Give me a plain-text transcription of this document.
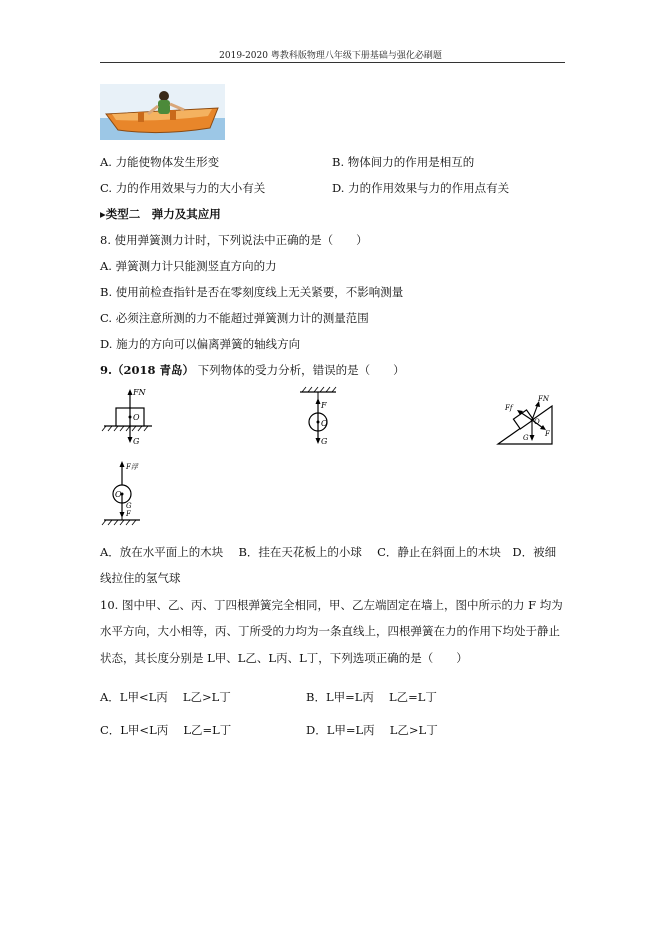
2019-2020 粤教科版物理八年级下册基础与强化必刷题
A. 力能使物体发生形变	B. 物体间力的作用是相互的
C. 力的作用效果与力的大小有关	D. 力的作用效果与力的作用点有关
▸类型二　弹力及其应用
8. 使用弹簧测力计时，下列说法中正确的是（　　）
A. 弹簧测力计只能测竖直方向的力
B. 使用前检查指针是否在零刻度线上无关紧要，不影响测量
C. 必须注意所测的力不能超过弹簧测力计的测量范围
D. 施力的方向可以偏离弹簧的轴线方向
9.（2018 青岛） 下列物体的受力分析，错误的是（　　）
FN
O
G
F
O
G
FN
Ff
O
G F
F浮
O
G
F
A．放在水平面上的木块　 B．挂在天花板上的小球　 C．静止在斜面上的木块　D．被细
线拉住的氢气球
10. 图中甲、乙、丙、丁四根弹簧完全相同，甲、乙左端固定在墙上，图中所示的力 F 均为
水平方向，大小相等，丙、丁所受的力均为一条直线上，四根弹簧在力的作用下均处于静止
状态，其长度分别是 L甲、L乙、L丙、L丁，下列选项正确的是（　　）
A．L甲<L丙　 L乙>L丁	B．L甲=L丙　 L乙=L丁
C．L甲<L丙　 L乙=L丁	D．L甲=L丙　 L乙>L丁
